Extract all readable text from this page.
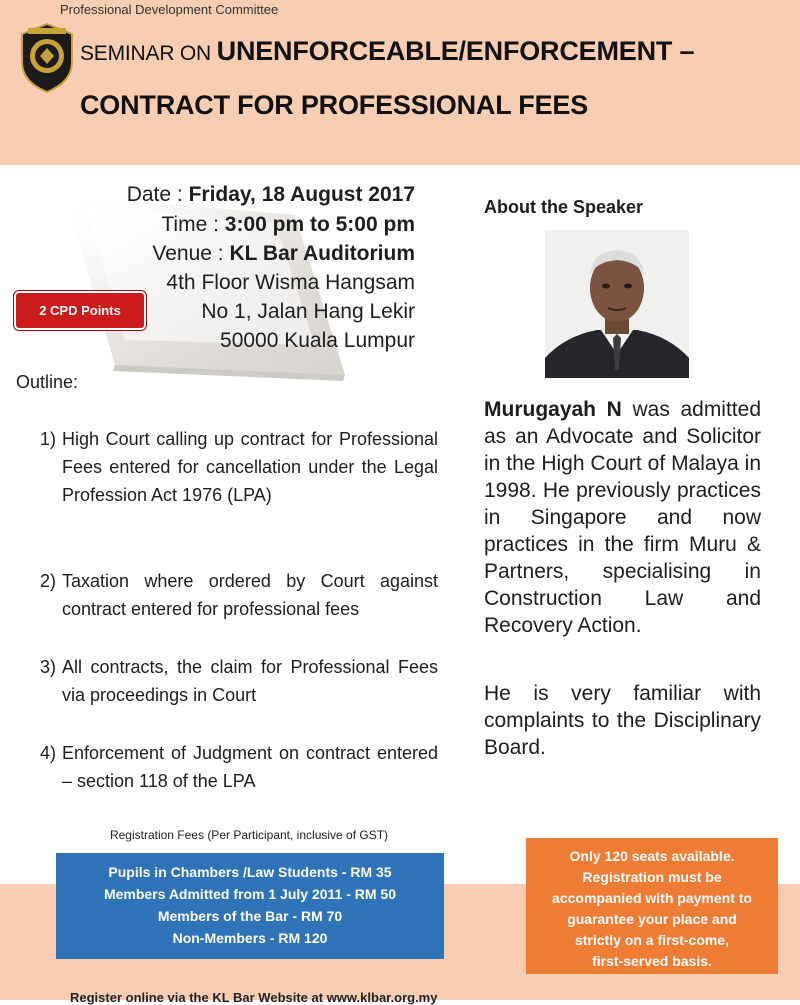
Professional Development Committee
SEMINAR ON UNENFORCEABLE/ENFORCEMENT –
CONTRACT FOR PROFESSIONAL FEES
Date : Friday, 18 August 2017
Time : 3:00 pm to 5:00 pm
Venue : KL Bar Auditorium
4th Floor Wisma Hangsam
No 1, Jalan Hang Lekir
50000 Kuala Lumpur
2 CPD Points
Outline:
1) High Court calling up contract for Professional Fees entered for cancellation under the Legal Profession Act 1976 (LPA)
2) Taxation where ordered by Court against contract entered for professional fees
3) All contracts, the claim for Professional Fees via proceedings in Court
4) Enforcement of Judgment on contract entered – section 118 of the LPA
About the Speaker
Murugayah N was admitted as an Advocate and Solicitor in the High Court of Malaya in 1998. He previously practices in Singapore and now practices in the firm Muru & Partners, specialising in Construction Law and Recovery Action.
He is very familiar with complaints to the Disciplinary Board.
Registration Fees (Per Participant, inclusive of GST)
Pupils in Chambers /Law Students - RM 35
Members Admitted from 1 July 2011 - RM 50
Members of the Bar - RM 70
Non-Members - RM 120
Only 120 seats available.
Registration must be
accompanied with payment to
guarantee your place and
strictly on a first-come,
first-served basis.
Register online via the KL Bar Website at www.klbar.org.my
